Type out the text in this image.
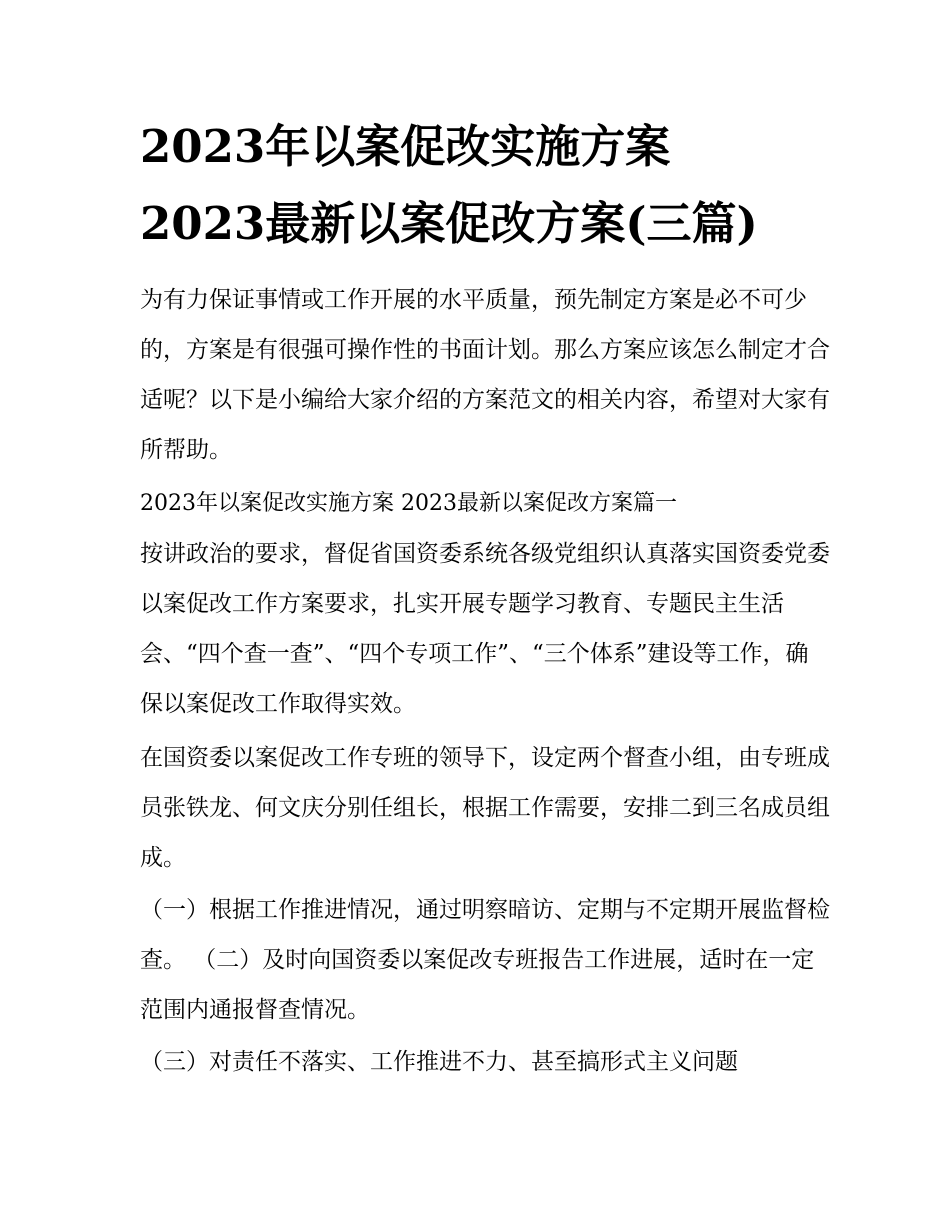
2023年以案促改实施方案
2023最新以案促改方案(三篇)
为有力保证事情或工作开展的水平质量，预先制定方案是必不可少的，方案是有很强可操作性的书面计划。那么方案应该怎么制定才合适呢？以下是小编给大家介绍的方案范文的相关内容，希望对大家有所帮助。
2023年以案促改实施方案 2023最新以案促改方案篇一
按讲政治的要求，督促省国资委系统各级党组织认真落实国资委党委以案促改工作方案要求，扎实开展专题学习教育、专题民主生活会、“四个查一查”、“四个专项工作”、“三个体系”建设等工作，确保以案促改工作取得实效。
在国资委以案促改工作专班的领导下，设定两个督查小组，由专班成员张铁龙、何文庆分别任组长，根据工作需要，安排二到三名成员组成。
（一）根据工作推进情况，通过明察暗访、定期与不定期开展监督检查。 （二）及时向国资委以案促改专班报告工作进展，适时在一定范围内通报督查情况。
（三）对责任不落实、工作推进不力、甚至搞形式主义问题
